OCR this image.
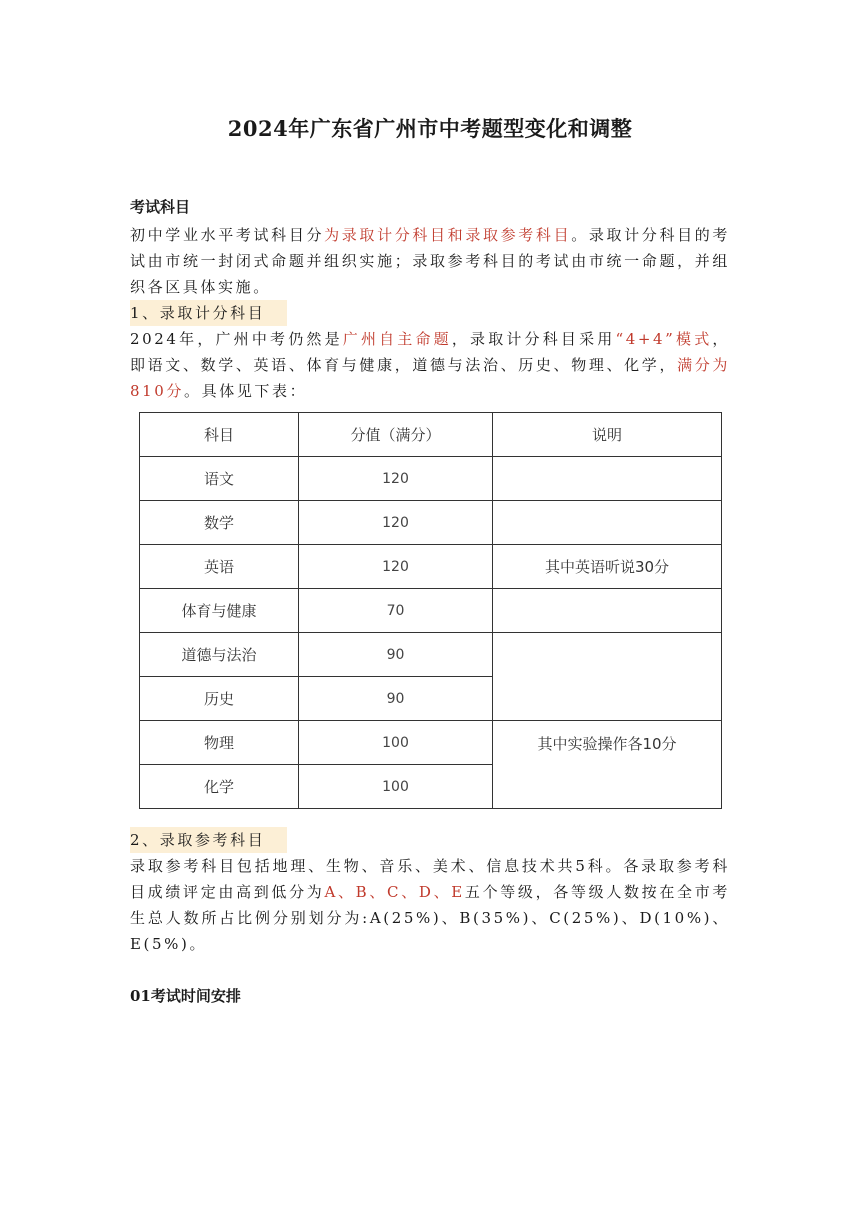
2024年广东省广州市中考题型变化和调整

考试科目

初中学业水平考试科目分为录取计分科目和录取参考科目。录取计分科目的考试由市统一封闭式命题并组织实施；录取参考科目的考试由市统一命题，并组织各区具体实施。

1、录取计分科目

2024年，广州中考仍然是广州自主命题，录取计分科目采用“4+4”模式，即语文、数学、英语、体育与健康，道德与法治、历史、物理、化学，满分为810分。具体见下表：

科目	分值（满分）	说明
语文	120	
数学	120	
英语	120	其中英语听说30分
体育与健康	70	
道德与法治	90	
历史	90	
物理	100	其中实验操作各10分
化学	100	
2、录取参考科目

录取参考科目包括地理、生物、音乐、美术、信息技术共5科。各录取参考科目成绩评定由高到低分为A、B、C、D、E五个等级，各等级人数按在全市考生总人数所占比例分别划分为:A(25%)、B(35%)、C(25%)、D(10%)、E(5%)。

01考试时间安排
